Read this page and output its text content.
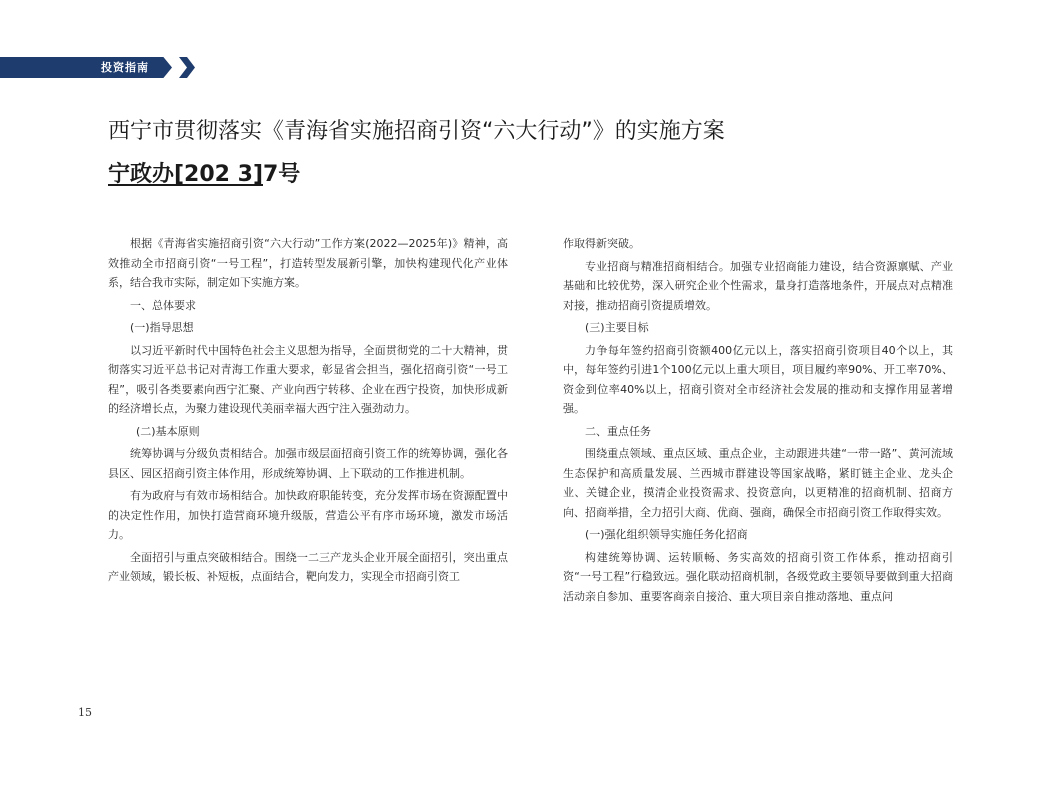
投资指南
西宁市贯彻落实《青海省实施招商引资“六大行动”》的实施方案
宁政办[202 3]7号

根据《青海省实施招商引资“六大行动”工作方案(2022—2025年)》精神，高效推动全市招商引资“一号工程”，打造转型发展新引擎，加快构建现代化产业体系，结合我市实际，制定如下实施方案。

一、总体要求

(一)指导思想

以习近平新时代中国特色社会主义思想为指导，全面贯彻党的二十大精神，贯彻落实习近平总书记对青海工作重大要求，彰显省会担当，强化招商引资“一号工程”，吸引各类要素向西宁汇聚、产业向西宁转移、企业在西宁投资，加快形成新的经济增长点，为聚力建设现代美丽幸福大西宁注入强劲动力。

(二)基本原则

统筹协调与分级负责相结合。加强市级层面招商引资工作的统筹协调，强化各县区、园区招商引资主体作用，形成统筹协调、上下联动的工作推进机制。

有为政府与有效市场相结合。加快政府职能转变，充分发挥市场在资源配置中的决定性作用，加快打造营商环境升级版，营造公平有序市场环境，激发市场活力。

全面招引与重点突破相结合。围绕一二三产龙头企业开展全面招引，突出重点产业领域，锻长板、补短板，点面结合，靶向发力，实现全市招商引资工

作取得新突破。

专业招商与精准招商相结合。加强专业招商能力建设，结合资源禀赋、产业基础和比较优势，深入研究企业个性需求，量身打造落地条件，开展点对点精准对接，推动招商引资提质增效。

(三)主要目标

力争每年签约招商引资额400亿元以上，落实招商引资项目40个以上，其中，每年签约引进1个100亿元以上重大项目，项目履约率90%、开工率70%、资金到位率40%以上，招商引资对全市经济社会发展的推动和支撑作用显著增强。

二、重点任务

围绕重点领域、重点区域、重点企业，主动跟进共建“一带一路”、黄河流域生态保护和高质量发展、兰西城市群建设等国家战略，紧盯链主企业、龙头企业、关键企业，摸清企业投资需求、投资意向，以更精准的招商机制、招商方向、招商举措，全力招引大商、优商、强商，确保全市招商引资工作取得实效。

(一)强化组织领导实施任务化招商

构建统筹协调、运转顺畅、务实高效的招商引资工作体系，推动招商引资“一号工程”行稳致远。强化联动招商机制，各级党政主要领导要做到重大招商活动亲自参加、重要客商亲自接洽、重大项目亲自推动落地、重点问

15
